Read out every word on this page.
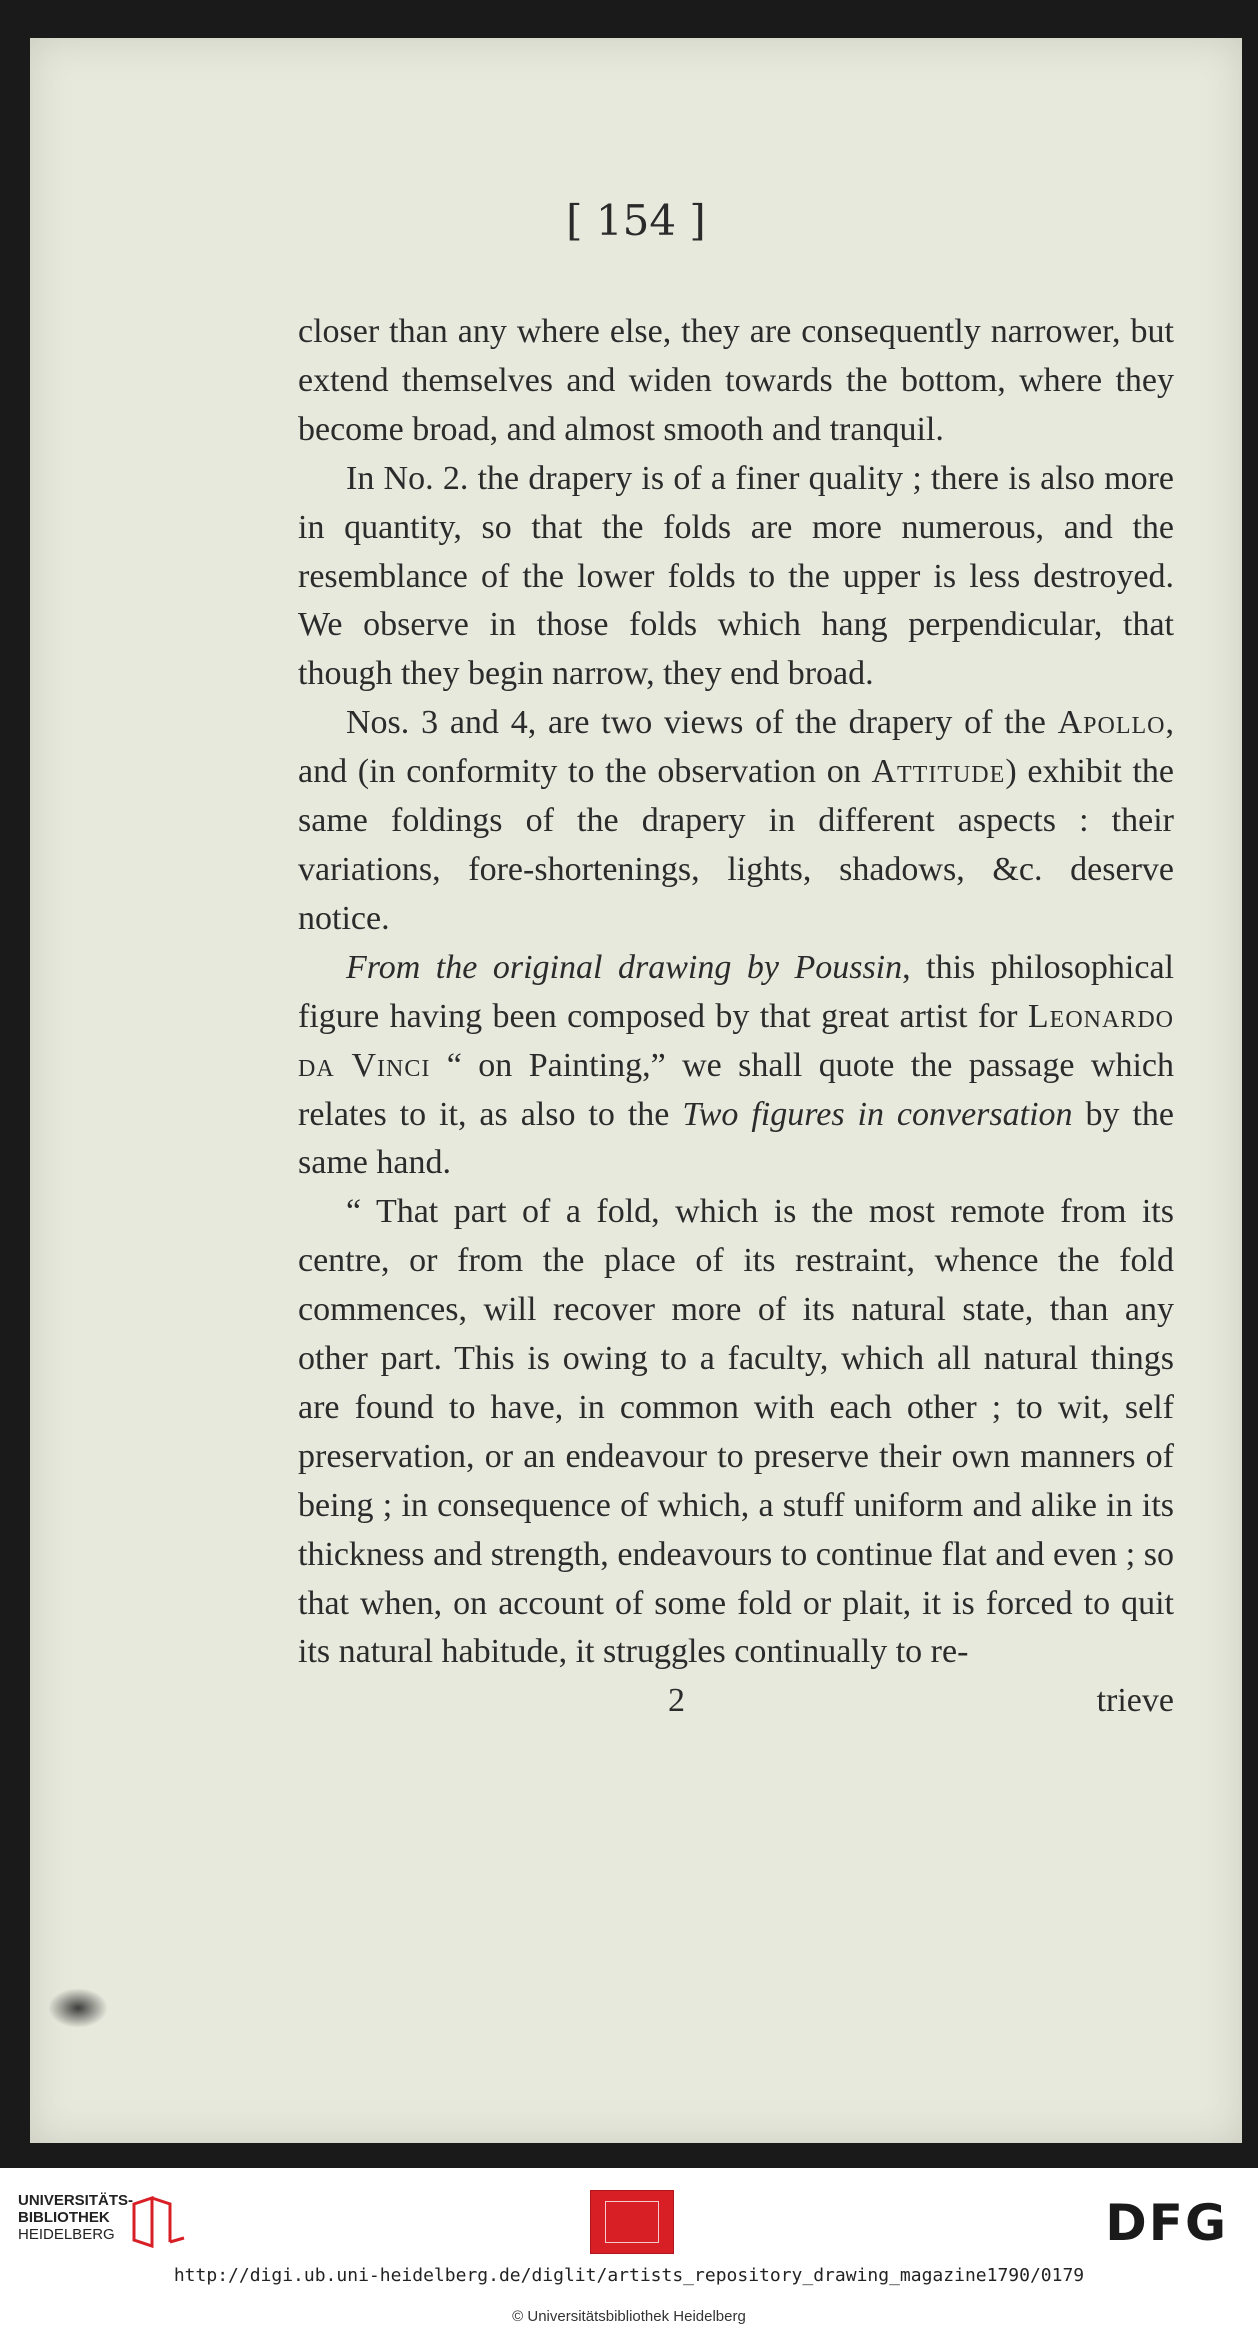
[ 154 ]

closer than any where else, they are consequently narrower, but extend themselves and widen towards the bottom, where they become broad, and almost smooth and tranquil.

In No. 2. the drapery is of a finer quality ; there is also more in quantity, so that the folds are more numerous, and the resemblance of the lower folds to the upper is less destroyed. We observe in those folds which hang perpendicular, that though they begin narrow, they end broad.

Nos. 3 and 4, are two views of the drapery of the Apollo, and (in conformity to the observation on Attitude) exhibit the same foldings of the drapery in different aspects : their variations, fore-shortenings, lights, shadows, &c. deserve notice.

From the original drawing by Poussin, this philosophical figure having been composed by that great artist for Leonardo da Vinci “ on Painting,” we shall quote the passage which relates to it, as also to the Two figures in conversation by the same hand.

“ That part of a fold, which is the most remote from its centre, or from the place of its restraint, whence the fold commences, will recover more of its natural state, than any other part. This is owing to a faculty, which all natural things are found to have, in common with each other ; to wit, self preservation, or an endeavour to preserve their own manners of being ; in consequence of which, a stuff uniform and alike in its thickness and strength, endeavours to continue flat and even ; so that when, on account of some fold or plait, it is forced to quit its natural habitude, it struggles continually to re-

2	trieve
UNIVERSITÄTS-
BIBLIOTHEK
HEIDELBERG	DFG
http://digi.ub.uni-heidelberg.de/diglit/artists_repository_drawing_magazine1790/0179
© Universitätsbibliothek Heidelberg
